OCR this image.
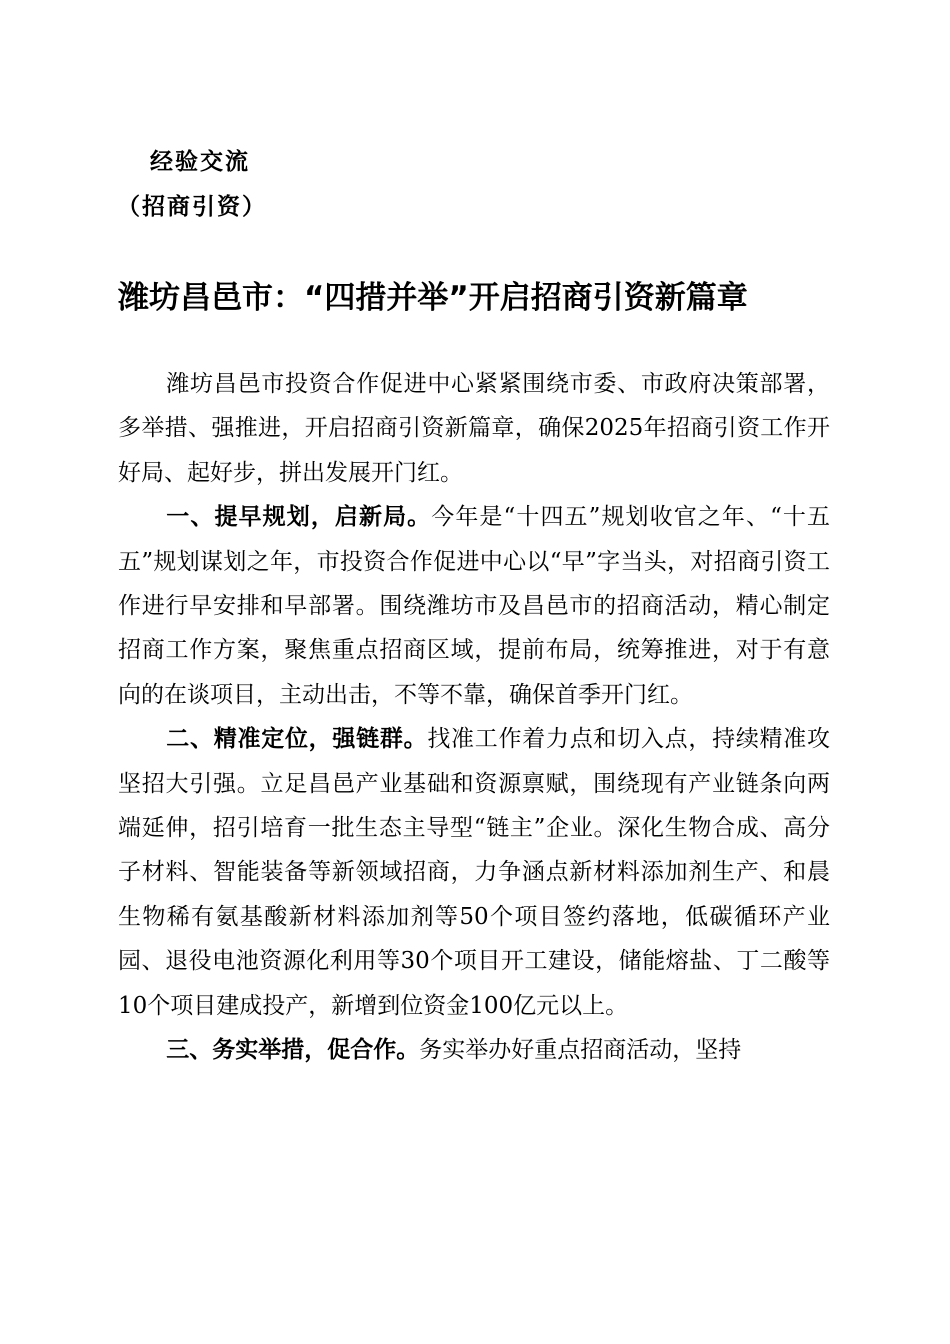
经验交流
（招商引资）
潍坊昌邑市：“四措并举”开启招商引资新篇章

潍坊昌邑市投资合作促进中心紧紧围绕市委、市政府决策部署，多举措、强推进，开启招商引资新篇章，确保2025年招商引资工作开好局、起好步，拼出发展开门红。

一、提早规划，启新局。今年是“十四五”规划收官之年、“十五五”规划谋划之年，市投资合作促进中心以“早”字当头，对招商引资工作进行早安排和早部署。围绕潍坊市及昌邑市的招商活动，精心制定招商工作方案，聚焦重点招商区域，提前布局，统筹推进，对于有意向的在谈项目，主动出击，不等不靠，确保首季开门红。

二、精准定位，强链群。找准工作着力点和切入点，持续精准攻坚招大引强。立足昌邑产业基础和资源禀赋，围绕现有产业链条向两端延伸，招引培育一批生态主导型“链主”企业。深化生物合成、高分子材料、智能装备等新领域招商，力争涵点新材料添加剂生产、和晨生物稀有氨基酸新材料添加剂等50个项目签约落地，低碳循环产业园、退役电池资源化利用等30个项目开工建设，储能熔盐、丁二酸等10个项目建成投产，新增到位资金100亿元以上。

三、务实举措，促合作。务实举办好重点招商活动，坚持
